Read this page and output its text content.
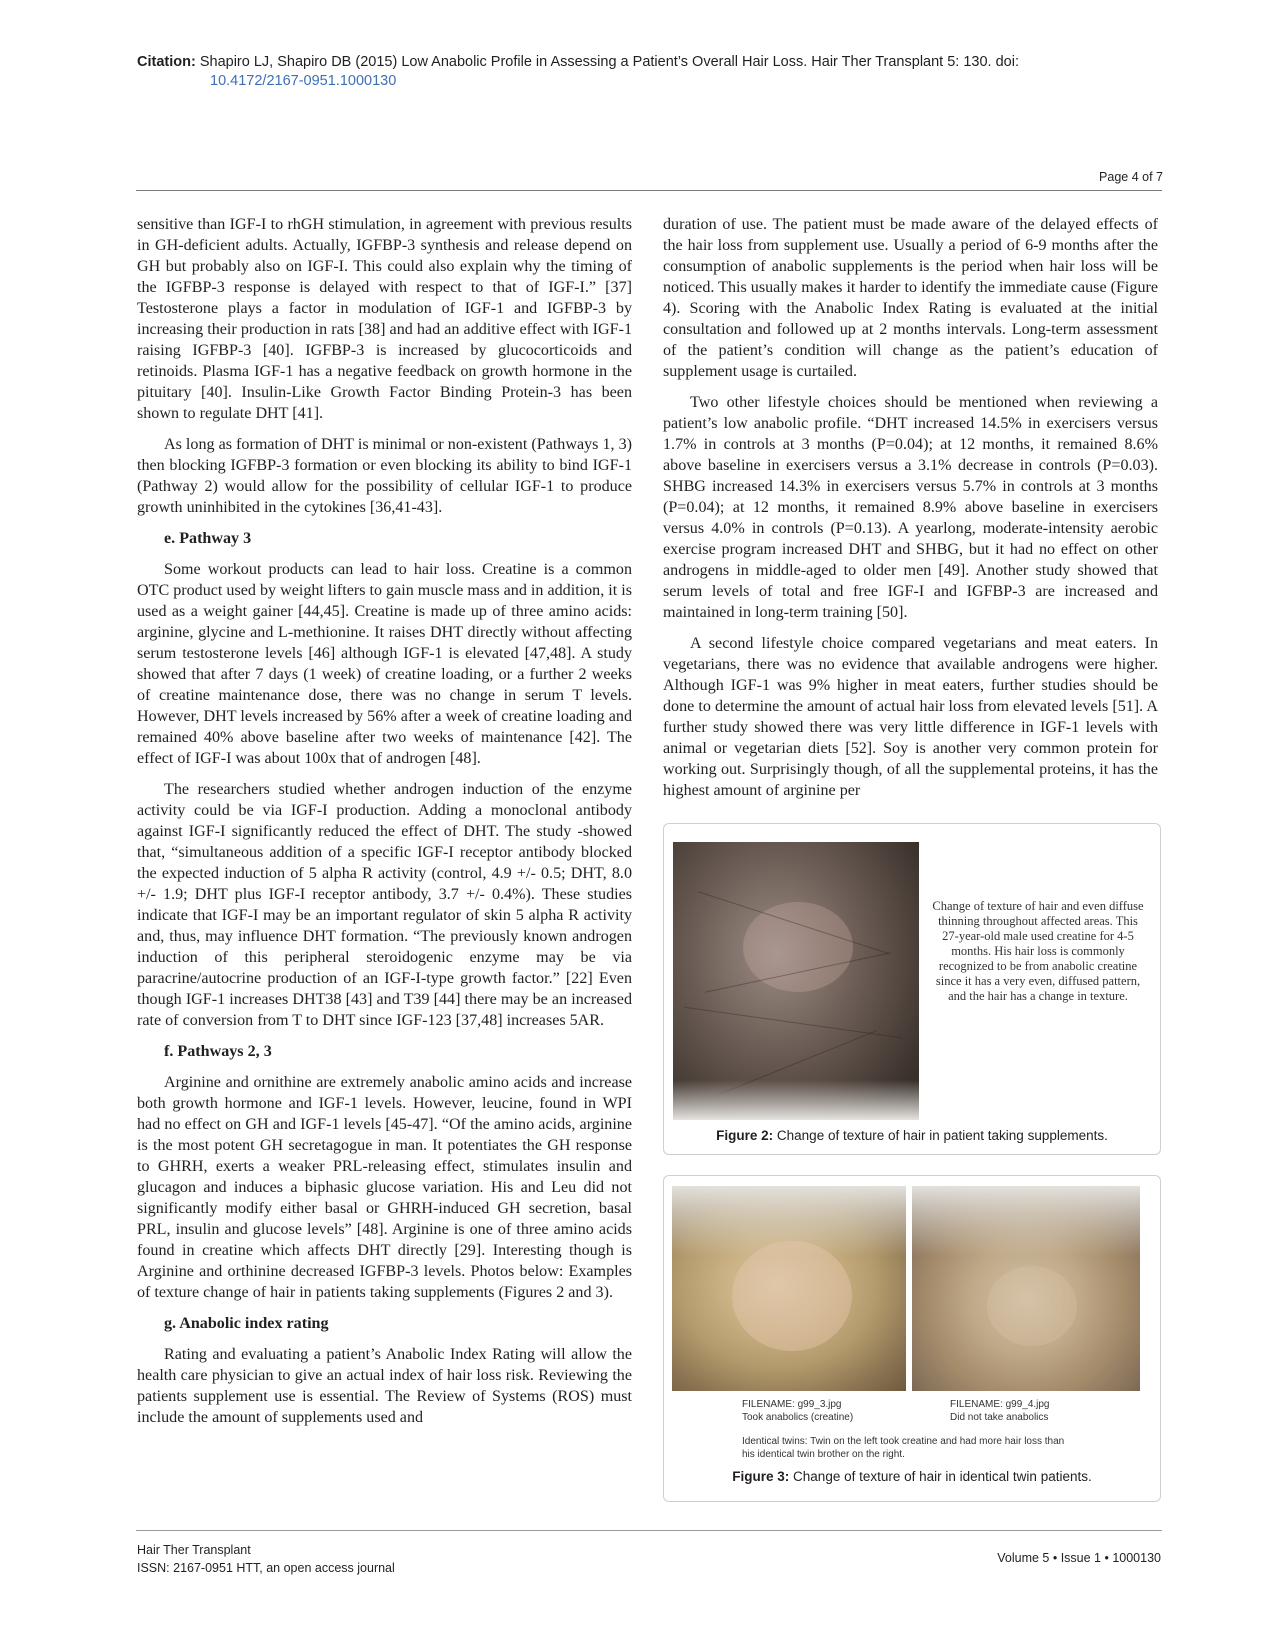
Citation: Shapiro LJ, Shapiro DB (2015) Low Anabolic Profile in Assessing a Patient’s Overall Hair Loss. Hair Ther Transplant 5: 130. doi:
10.4172/2167-0951.1000130
Page 4 of 7

sensitive than IGF-I to rhGH stimulation, in agreement with previous results in GH-deficient adults. Actually, IGFBP-3 synthesis and release depend on GH but probably also on IGF-I. This could also explain why the timing of the IGFBP-3 response is delayed with respect to that of IGF-I.” [37] Testosterone plays a factor in modulation of IGF-1 and IGFBP-3 by increasing their production in rats [38] and had an additive effect with IGF-1 raising IGFBP-3 [40]. IGFBP-3 is increased by glucocorticoids and retinoids. Plasma IGF-1 has a negative feedback on growth hormone in the pituitary [40]. Insulin-Like Growth Factor Binding Protein-3 has been shown to regulate DHT [41].

As long as formation of DHT is minimal or non-existent (Pathways 1, 3) then blocking IGFBP-3 formation or even blocking its ability to bind IGF-1 (Pathway 2) would allow for the possibility of cellular IGF-1 to produce growth uninhibited in the cytokines [36,41-43].

e. Pathway 3

Some workout products can lead to hair loss. Creatine is a common OTC product used by weight lifters to gain muscle mass and in addition, it is used as a weight gainer [44,45]. Creatine is made up of three amino acids: arginine, glycine and L-methionine. It raises DHT directly without affecting serum testosterone levels [46] although IGF-1 is elevated [47,48]. A study showed that after 7 days (1 week) of creatine loading, or a further 2 weeks of creatine maintenance dose, there was no change in serum T levels. However, DHT levels increased by 56% after a week of creatine loading and remained 40% above baseline after two weeks of maintenance [42]. The effect of IGF-I was about 100x that of androgen [48].

The researchers studied whether androgen induction of the enzyme activity could be via IGF-I production. Adding a monoclonal antibody against IGF-I significantly reduced the effect of DHT. The study -showed that, “simultaneous addition of a specific IGF-I receptor antibody blocked the expected induction of 5 alpha R activity (control, 4.9 +/- 0.5; DHT, 8.0 +/- 1.9; DHT plus IGF-I receptor antibody, 3.7 +/- 0.4%). These studies indicate that IGF-I may be an important regulator of skin 5 alpha R activity and, thus, may influence DHT formation. “The previously known androgen induction of this peripheral steroidogenic enzyme may be via paracrine/autocrine production of an IGF-I-type growth factor.” [22] Even though IGF-1 increases DHT38 [43] and T39 [44] there may be an increased rate of conversion from T to DHT since IGF-123 [37,48] increases 5AR.

f. Pathways 2, 3

Arginine and ornithine are extremely anabolic amino acids and increase both growth hormone and IGF-1 levels. However, leucine, found in WPI had no effect on GH and IGF-1 levels [45-47]. “Of the amino acids, arginine is the most potent GH secretagogue in man. It potentiates the GH response to GHRH, exerts a weaker PRL-releasing effect, stimulates insulin and glucagon and induces a biphasic glucose variation. His and Leu did not significantly modify either basal or GHRH-induced GH secretion, basal PRL, insulin and glucose levels” [48]. Arginine is one of three amino acids found in creatine which affects DHT directly [29]. Interesting though is Arginine and orthinine decreased IGFBP-3 levels. Photos below: Examples of texture change of hair in patients taking supplements (Figures 2 and 3).

g. Anabolic index rating

Rating and evaluating a patient’s Anabolic Index Rating will allow the health care physician to give an actual index of hair loss risk. Reviewing the patients supplement use is essential. The Review of Systems (ROS) must include the amount of supplements used and

duration of use. The patient must be made aware of the delayed effects of the hair loss from supplement use. Usually a period of 6-9 months after the consumption of anabolic supplements is the period when hair loss will be noticed. This usually makes it harder to identify the immediate cause (Figure 4). Scoring with the Anabolic Index Rating is evaluated at the initial consultation and followed up at 2 months intervals. Long-term assessment of the patient’s condition will change as the patient’s education of supplement usage is curtailed.

Two other lifestyle choices should be mentioned when reviewing a patient’s low anabolic profile. “DHT increased 14.5% in exercisers versus 1.7% in controls at 3 months (P=0.04); at 12 months, it remained 8.6% above baseline in exercisers versus a 3.1% decrease in controls (P=0.03). SHBG increased 14.3% in exercisers versus 5.7% in controls at 3 months (P=0.04); at 12 months, it remained 8.9% above baseline in exercisers versus 4.0% in controls (P=0.13). A yearlong, moderate-intensity aerobic exercise program increased DHT and SHBG, but it had no effect on other androgens in middle-aged to older men [49]. Another study showed that serum levels of total and free IGF-I and IGFBP-3 are increased and maintained in long-term training [50].

A second lifestyle choice compared vegetarians and meat eaters. In vegetarians, there was no evidence that available androgens were higher. Although IGF-1 was 9% higher in meat eaters, further studies should be done to determine the amount of actual hair loss from elevated levels [51]. A further study showed there was very little difference in IGF-1 levels with animal or vegetarian diets [52]. Soy is another very common protein for working out. Surprisingly though, of all the supplemental proteins, it has the highest amount of arginine per

Change of texture of hair and even diffuse thinning throughout affected areas. This 27-year-old male used creatine for 4-5 months. His hair loss is commonly recognized to be from anabolic creatine since it has a very even, diffused pattern, and the hair has a change in texture.
Figure 2: Change of texture of hair in patient taking supplements.
FILENAME: g99_3.jpg
Took anabolics (creatine)
FILENAME: g99_4.jpg
Did not take anabolics
Identical twins: Twin on the left took creatine and had more hair loss than his identical twin brother on the right.
Figure 3: Change of texture of hair in identical twin patients.
Hair Ther Transplant
ISSN: 2167-0951 HTT, an open access journal
Volume 5 • Issue 1 • 1000130
